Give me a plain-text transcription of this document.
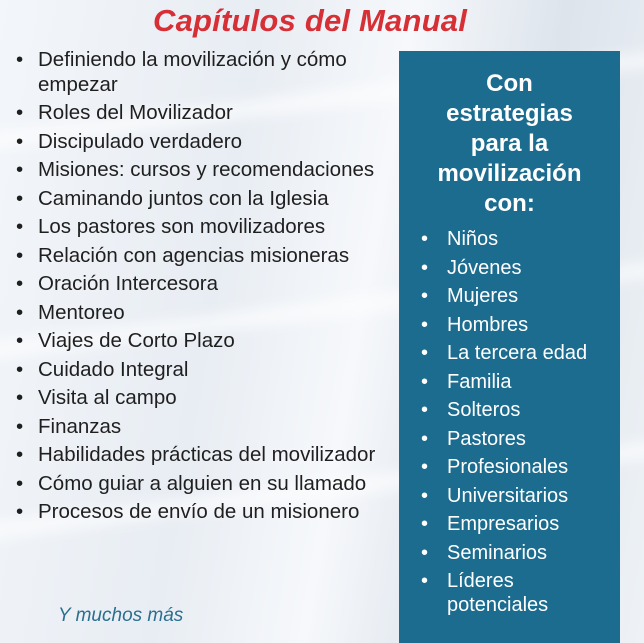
Capítulos del Manual
• Definiendo la movilización y cómo empezar
• Roles del Movilizador
• Discipulado verdadero
• Misiones: cursos y recomendaciones
• Caminando juntos con la Iglesia
• Los pastores son movilizadores
• Relación con agencias misioneras
• Oración Intercesora
• Mentoreo
• Viajes de Corto Plazo
• Cuidado Integral
• Visita al campo
• Finanzas
• Habilidades prácticas del movilizador
• Cómo guiar a alguien en su llamado
• Procesos de envío de un misionero
Y muchos más
Con
estrategias
para la
movilización
con:
• Niños
• Jóvenes
• Mujeres
• Hombres
• La tercera edad
• Familia
• Solteros
• Pastores
• Profesionales
• Universitarios
• Empresarios
• Seminarios
• Líderes potenciales
